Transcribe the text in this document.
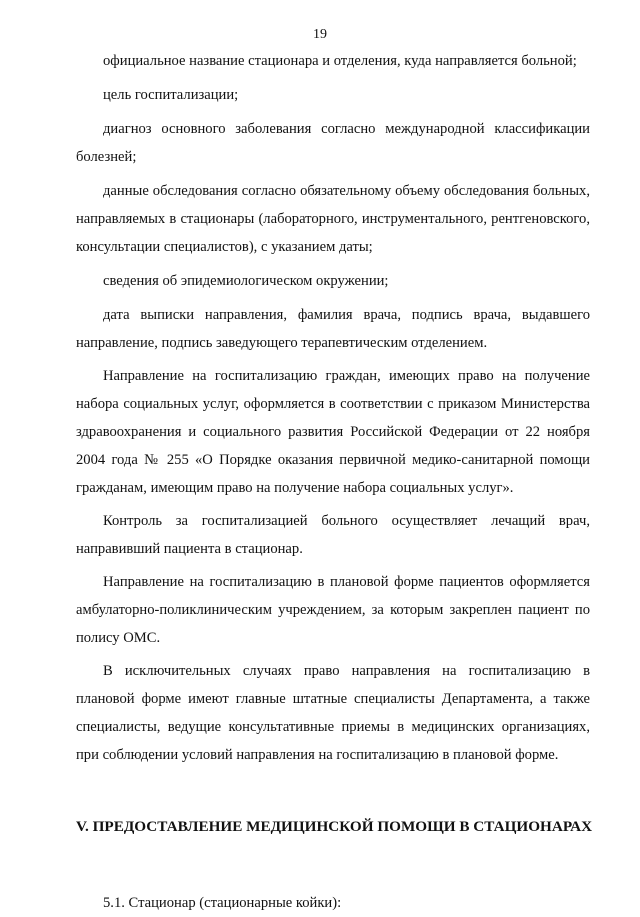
19

официальное название стационара и отделения, куда направляется больной;

цель госпитализации;

диагноз основного заболевания согласно международной классификации болезней;

данные обследования согласно обязательному объему обследования больных, направляемых в стационары (лабораторного, инструментального, рентгеновского, консультации специалистов), с указанием даты;

сведения об эпидемиологическом окружении;

дата выписки направления, фамилия врача, подпись врача, выдавшего направление, подпись заведующего терапевтическим отделением.

Направление на госпитализацию граждан, имеющих право на получение набора социальных услуг, оформляется в соответствии с приказом Министерства здравоохранения и социального развития Российской Федерации от 22 ноября 2004 года № 255 «О Порядке оказания первичной медико-санитарной помощи гражданам, имеющим право на получение набора социальных услуг».

Контроль за госпитализацией больного осуществляет лечащий врач, направивший пациента в стационар.

Направление на госпитализацию в плановой форме пациентов оформляется амбулаторно-поликлиническим учреждением, за которым закреплен пациент по полису ОМС.

В исключительных случаях право направления на госпитализацию в плановой форме имеют главные штатные специалисты Департамента, а также специалисты, ведущие консультативные приемы в медицинских организациях, при соблюдении условий направления на госпитализацию в плановой форме.

V. ПРЕДОСТАВЛЕНИЕ МЕДИЦИНСКОЙ ПОМОЩИ В СТАЦИОНАРАХ

5.1. Стационар (стационарные койки):
